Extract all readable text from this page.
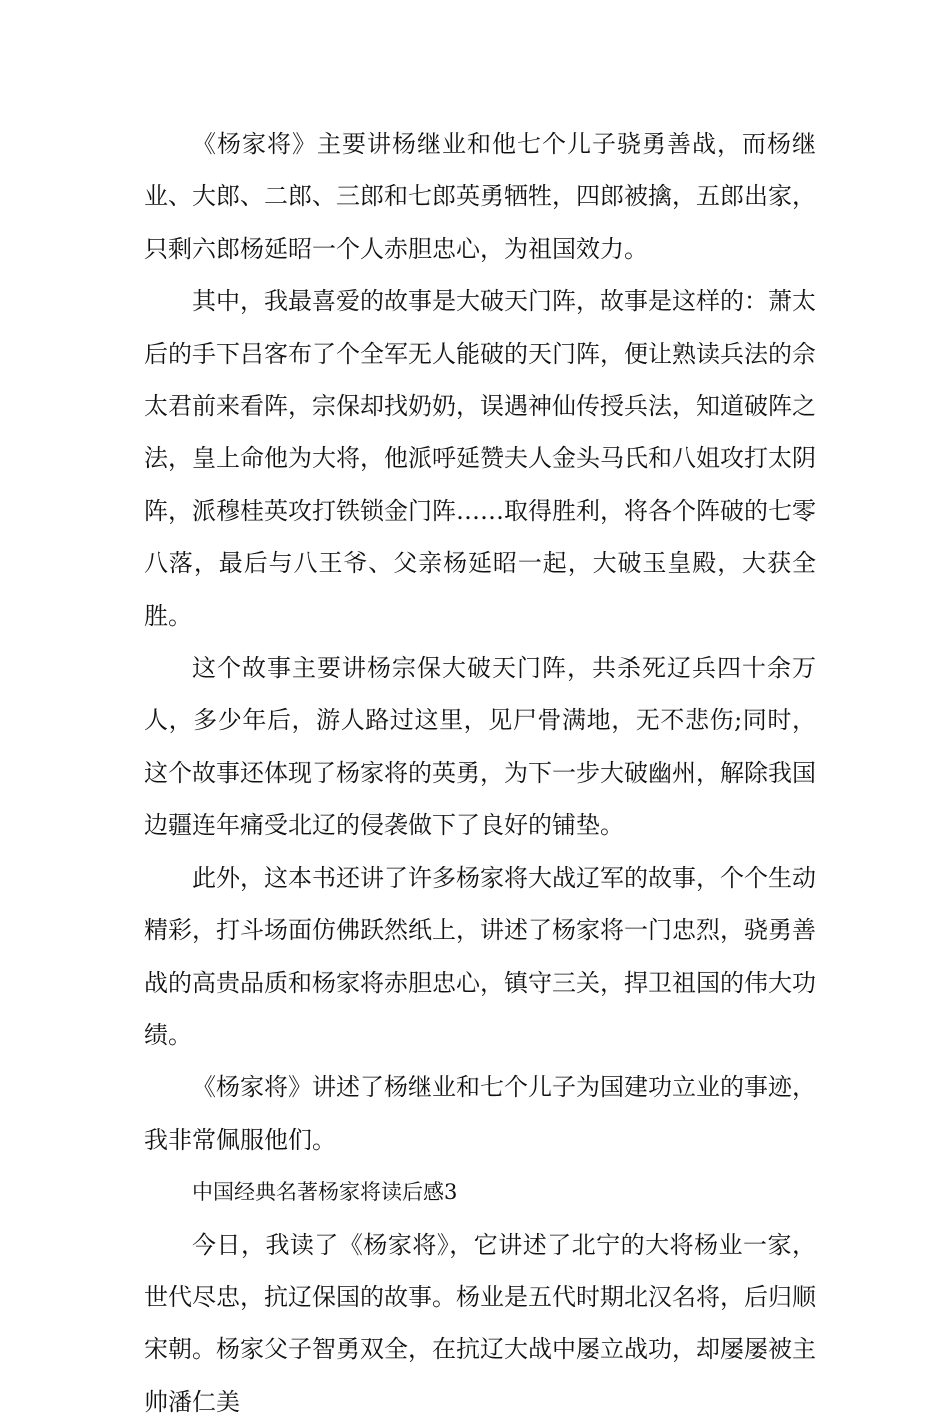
《杨家将》主要讲杨继业和他七个儿子骁勇善战，而杨继业、大郎、二郎、三郎和七郎英勇牺牲，四郎被擒，五郎出家，只剩六郎杨延昭一个人赤胆忠心，为祖国效力。

其中，我最喜爱的故事是大破天门阵，故事是这样的：萧太后的手下吕客布了个全军无人能破的天门阵，便让熟读兵法的佘太君前来看阵，宗保却找奶奶，误遇神仙传授兵法，知道破阵之法，皇上命他为大将，他派呼延赞夫人金头马氏和八姐攻打太阴阵，派穆桂英攻打铁锁金门阵……取得胜利，将各个阵破的七零八落，最后与八王爷、父亲杨延昭一起，大破玉皇殿，大获全胜。

这个故事主要讲杨宗保大破天门阵，共杀死辽兵四十余万人，多少年后，游人路过这里，见尸骨满地，无不悲伤;同时，这个故事还体现了杨家将的英勇，为下一步大破幽州，解除我国边疆连年痛受北辽的侵袭做下了良好的铺垫。

此外，这本书还讲了许多杨家将大战辽军的故事，个个生动精彩，打斗场面仿佛跃然纸上，讲述了杨家将一门忠烈，骁勇善战的高贵品质和杨家将赤胆忠心，镇守三关，捍卫祖国的伟大功绩。

《杨家将》讲述了杨继业和七个儿子为国建功立业的事迹，我非常佩服他们。

中国经典名著杨家将读后感3

今日，我读了《杨家将》，它讲述了北宁的大将杨业一家，世代尽忠，抗辽保国的故事。杨业是五代时期北汉名将，后归顺宋朝。杨家父子智勇双全，在抗辽大战中屡立战功，却屡屡被主帅潘仁美
